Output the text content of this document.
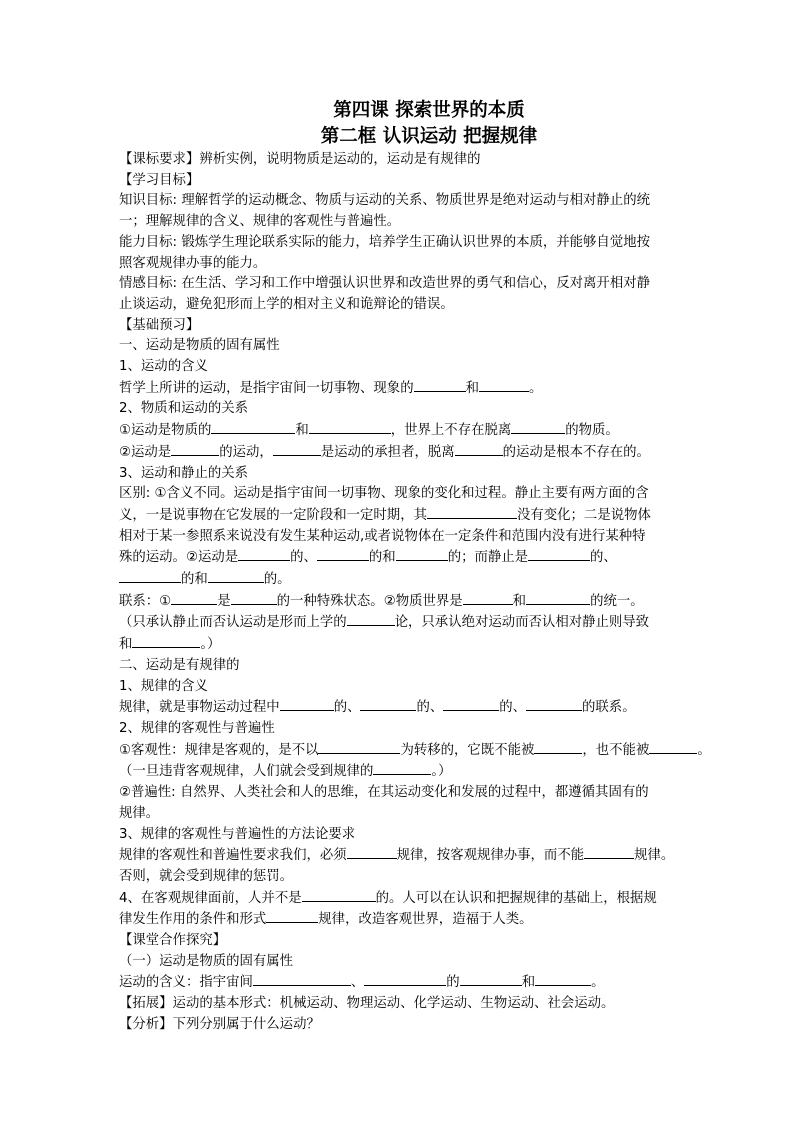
第四课 探索世界的本质

第二框 认识运动 把握规律

【课标要求】辨析实例，说明物质是运动的，运动是有规律的

【学习目标】

知识目标: 理解哲学的运动概念、物质与运动的关系、物质世界是绝对运动与相对静止的统

一；理解规律的含义、规律的客观性与普遍性。

能力目标: 锻炼学生理论联系实际的能力，培养学生正确认识世界的本质，并能够自觉地按

照客观规律办事的能力。

情感目标: 在生活、学习和工作中增强认识世界和改造世界的勇气和信心，反对离开相对静

止谈运动，避免犯形而上学的相对主义和诡辩论的错误。

【基础预习】

一、运动是物质的固有属性

1、运动的含义

哲学上所讲的运动，是指宇宙间一切事物、现象的	和	。

2、物质和运动的关系

①运动是物质的	和	，世界上不存在脱离	的物质。

②运动是	的运动，	是运动的承担者，脱离	的运动是根本不存在的。

3、运动和静止的关系

区别: ①含义不同。运动是指宇宙间一切事物、现象的变化和过程。静止主要有两方面的含

义，一是说事物在它发展的一定阶段和一定时期，其	没有变化；二是说物体

相对于某一参照系来说没有发生某种运动,或者说物体在一定条件和范围内没有进行某种特

殊的运动。②运动是	的、	的和	的；而静止是	的、

的和	的。

联系：①	是	的一种特殊状态。②物质世界是	和	的统一。

（只承认静止而否认运动是形而上学的	论，只承认绝对运动而否认相对静止则导致

和	。）

二、运动是有规律的

1、规律的含义

规律，就是事物运动过程中	的、	的、	的、	的联系。

2、规律的客观性与普遍性

①客观性：规律是客观的，是不以	为转移的，它既不能被	，也不能被	。

（一旦违背客观规律，人们就会受到规律的	。）

②普遍性: 自然界、人类社会和人的思维，在其运动变化和发展的过程中，都遵循其固有的

规律。

3、规律的客观性与普遍性的方法论要求

规律的客观性和普遍性要求我们，必须	规律，按客观规律办事，而不能	规律。

否则，就会受到规律的惩罚。

4、在客观规律面前，人并不是	的。人可以在认识和把握规律的基础上，根据规

律发生作用的条件和形式	规律，改造客观世界，造福于人类。

【课堂合作探究】

（一）运动是物质的固有属性

运动的含义：指宇宙间	、	的	和	。

【拓展】运动的基本形式：机械运动、物理运动、化学运动、生物运动、社会运动。

【分析】下列分别属于什么运动？
